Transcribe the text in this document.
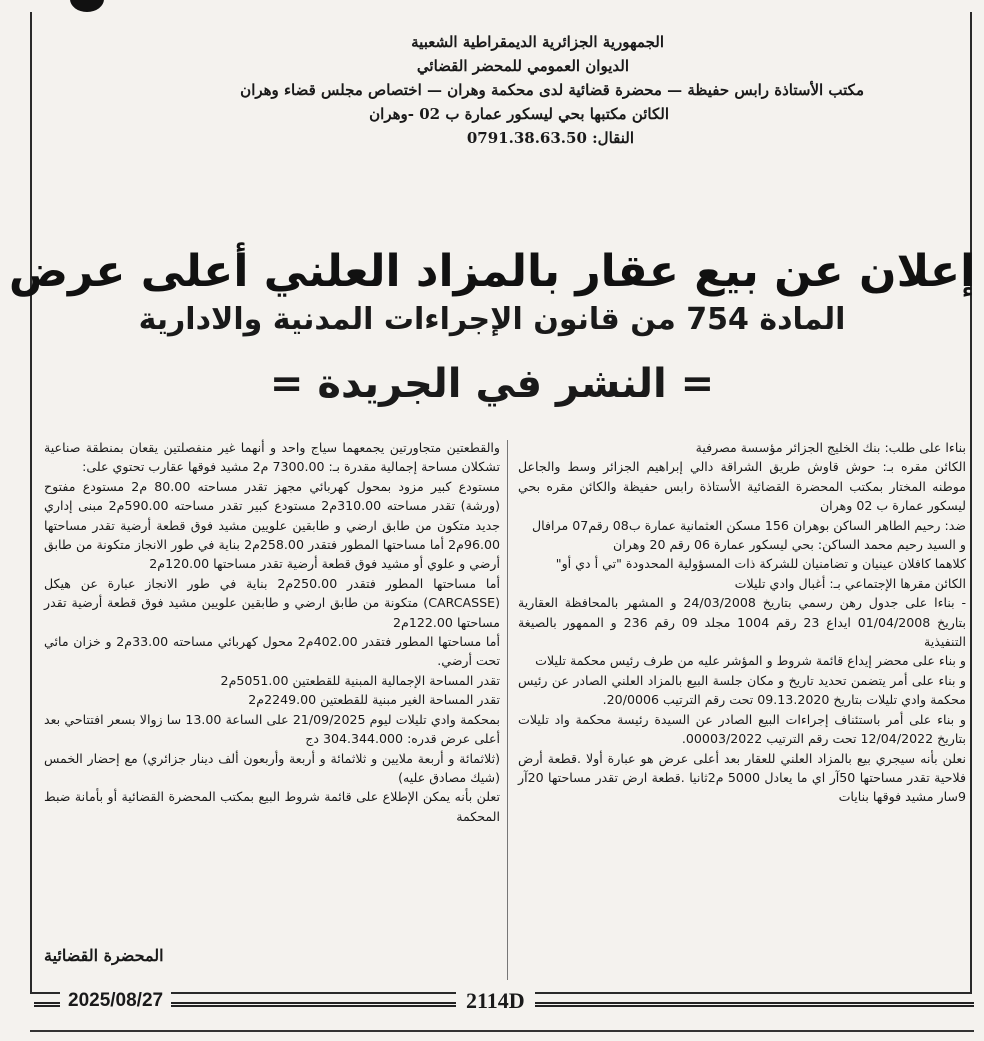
الجمهورية الجزائرية الديمقراطية الشعبية
الديوان العمومي للمحضر القضائي
مكتب الأستاذة رابس حفيظة — محضرة قضائية لدى محكمة وهران — اختصاص مجلس قضاء وهران
الكائن مكتبها بحي ليسكور عمارة ب 02 -وهران
النقال: 0791.38.63.50
إعلان عن بيع عقار بالمزاد العلني أعلى عرض
المادة 754 من قانون الإجراءات المدنية والادارية
= النشر في الجريدة =

بناءا على طلب: بنك الخليج الجزائر مؤسسة مصرفية

الكائن مقره بـ: حوش قاوش طريق الشراقة دالي إبراهيم الجزائر وسط والجاعل موطنه المختار بمكتب المحضرة القضائية الأستاذة رابس حفيظة والكائن مقره بحي ليسكور عمارة ب 02 وهران

ضد: رحيم الطاهر الساكن بوهران 156 مسكن العثمانية عمارة ب08 رقم07 مرافال

و السيد رحيم محمد الساكن: بحي ليسكور عمارة 06 رقم 20 وهران

كلاهما كافلان عينيان و تضامنيان للشركة ذات المسؤولية المحدودة "تي أ دي أو"

الكائن مقرها الإجتماعي بـ: أغبال وادي تليلات

- بناءا على جدول رهن رسمي بتاريخ 24/03/2008 و المشهر بالمحافظة العقارية بتاريخ 01/04/2008 ايداع 23 رقم 1004 مجلد 09 رقم 236 و الممهور بالصيغة التنفيذية

و بناء على محضر إيداع قائمة شروط و المؤشر عليه من طرف رئيس محكمة تليلات

و بناء على أمر يتضمن تحديد تاريخ و مكان جلسة البيع بالمزاد العلني الصادر عن رئيس محكمة وادي تليلات بتاريخ 09.13.2020 تحت رقم الترتيب 20/0006.

و بناء على أمر باستئناف إجراءات البيع الصادر عن السيدة رئيسة محكمة واد تليلات بتاريخ 12/04/2022 تحت رقم الترتيب 00003/2022.

نعلن بأنه سيجري بيع بالمزاد العلني للعقار بعد أعلى عرض هو عبارة أولا .قطعة أرض فلاحية تقدر مساحتها 50آر اي ما يعادل 5000 م2ثانيا .قطعة ارض تقدر مساحتها 20آر 9سار مشيد فوقها بنايات

والقطعتين متجاورتين يجمعهما سياج واحد و أنهما غير منفصلتين يقعان بمنطقة صناعية تشكلان مساحة إجمالية مقدرة بـ: 7300.00 م2 مشيد فوقها عقارب تحتوي على:

مستودع كبير مزود بمحول كهربائي مجهز تقدر مساحته 80.00 م2 مستودع مفتوح (ورشة) تقدر مساحته 310.00م2 مستودع كبير تقدر مساحته 590.00م2 مبنى إداري جديد متكون من طابق ارضي و طابقين علويين مشيد فوق قطعة أرضية تقدر مساحتها 96.00م2 أما مساحتها المطور فتقدر 258.00م2 بناية في طور الانجاز متكونة من طابق أرضي و علوي أو مشيد فوق قطعة أرضية تقدر مساحتها 120.00م2

أما مساحتها المطور فتقدر 250.00م2 بناية في طور الانجاز عبارة عن هيكل (CARCASSE) متكونة من طابق ارضي و طابقين علويين مشيد فوق قطعة أرضية تقدر مساحتها 122.00م2

أما مساحتها المطور فتقدر 402.00م2 محول كهربائي مساحته 33.00م2 و خزان مائي تحت أرضي.

تقدر المساحة الإجمالية المبنية للقطعتين 5051.00م2

تقدر المساحة الغير مبنية للقطعتين 2249.00م2

بمحكمة وادي تليلات ليوم 21/09/2025 على الساعة 13.00 سا زوالا بسعر افتتاحي بعد أعلى عرض قدره: 304.344.000 دج

(ثلاثمائة و أربعة ملايين و ثلاثمائة و أربعة وأربعون ألف دينار جزائري) مع إحضار الخمس (شيك مصادق عليه)

تعلن بأنه يمكن الإطلاع على قائمة شروط البيع بمكتب المحضرة القضائية أو بأمانة ضبط المحكمة

المحضرة القضائية
2025/08/27	2114D
